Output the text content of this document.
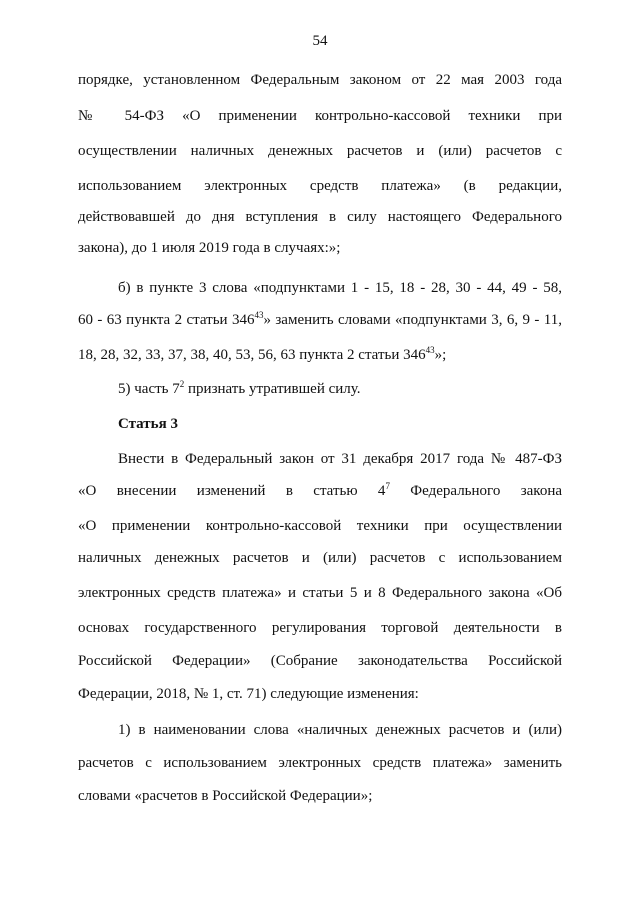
54
порядке, установленном Федеральным законом от 22 мая 2003 года
№ 54-ФЗ «О применении контрольно-кассовой техники при
осуществлении наличных денежных расчетов и (или) расчетов с
использованием электронных средств платежа» (в редакции,
действовавшей до дня вступления в силу настоящего Федерального
закона), до 1 июля 2019 года в случаях:»;
б) в пункте 3 слова «подпунктами 1 - 15, 18 - 28, 30 - 44, 49 - 58,
60 - 63 пункта 2 статьи $346^{43}$» заменить словами «подпунктами 3, 6, 9 - 11,
18, 28, 32, 33, 37, 38, 40, 53, 56, 63 пункта 2 статьи $346^{43}$»;
5) часть $7^2$ признать утратившей силу.
Статья 3
Внести в Федеральный закон от 31 декабря 2017 года № 487-ФЗ
«О внесении изменений в статью $4^7$ Федерального закона
«О применении контрольно-кассовой техники при осуществлении
наличных денежных расчетов и (или) расчетов с использованием
электронных средств платежа» и статьи 5 и 8 Федерального закона «Об
основах государственного регулирования торговой деятельности в
Российской Федерации» (Собрание законодательства Российской
Федерации, 2018, № 1, ст. 71) следующие изменения:
1) в наименовании слова «наличных денежных расчетов и (или)
расчетов с использованием электронных средств платежа» заменить
словами «расчетов в Российской Федерации»;
